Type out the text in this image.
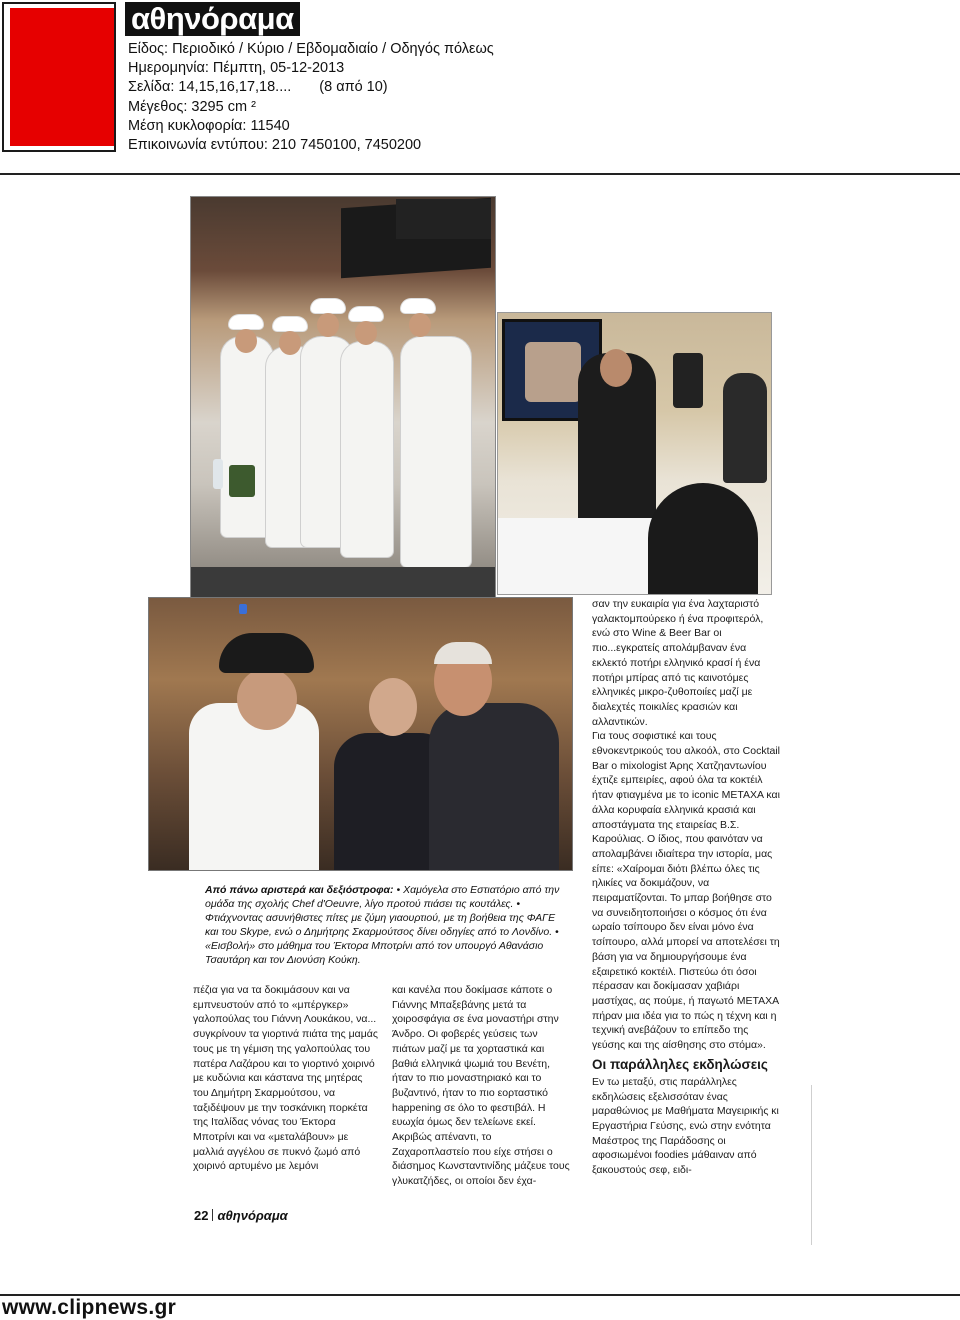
αθηνόραμα
Είδος: Περιοδικό / Κύριο / Εβδομαδιαίο / Οδηγός πόλεως
Ημερομηνία: Πέμπτη, 05-12-2013
Σελίδα: 14,15,16,17,18.... (8 από 10)
Μέγεθος: 3295 cm ²
Μέση κυκλοφορία: 11540
Επικοινωνία εντύπου: 210 7450100, 7450200
Από πάνω αριστερά και δεξιόστροφα: • Χαμόγελα στο Εστιατόριο από την ομάδα της σχολής Chef d'Oeuvre, λίγο προτού πιάσει τις κουτάλες. • Φτιάχνοντας ασυνήθιστες πίτες με ζύμη γιαουρτιού, με τη βοήθεια της ΦΑΓΕ και του Skype, ενώ ο Δημήτρης Σκαρμούτσος δίνει οδηγίες από το Λονδίνο. • «Εισβολή» στο μάθημα του Έκτορα Μποτρίνι από τον υπουργό Αθανάσιο Τσαυτάρη και τον Διονύση Κούκη.

πέζια για να τα δοκιμάσουν και να εμπνευστούν από το «μπέργκερ» γαλοπούλας του Γιάννη Λουκάκου, να... συγκρίνουν τα γιορτινά πιάτα της μαμάς τους με τη γέμιση της γαλοπούλας του πατέρα Λαζάρου και το γιορτινό χοιρινό με κυδώνια και κάστανα της μητέρας του Δημήτρη Σκαρμούτσου, να ταξιδέψουν με την τοσκάνικη πορκέτα της Ιταλίδας νόνας του Έκτορα Μποτρίνι και να «μεταλάβουν» με μαλλιά αγγέλου σε πυκνό ζωμό από χοιρινό αρτυμένο με λεμόνι

και κανέλα που δοκίμασε κάποτε ο Γιάννης Μπαξεβάνης μετά τα χοιροσφάγια σε ένα μοναστήρι στην Άνδρο. Οι φοβερές γεύσεις των πιάτων μαζί με τα χορταστικά και βαθιά ελληνικά ψωμιά του Βενέτη, ήταν το πιο μοναστηριακό και το βυζαντινό, ήταν το πιο εορταστικό happening σε όλο το φεστιβάλ. Η ευωχία όμως δεν τελείωνε εκεί. Ακριβώς απέναντι, το Ζαχαροπλαστείο που είχε στήσει ο διάσημος Κωνσταντινίδης μάζευε τους γλυκατζήδες, οι οποίοι δεν έχα-

σαν την ευκαιρία για ένα λαχταριστό γαλακτομπούρεκο ή ένα προφιτερόλ, ενώ στο Wine & Beer Bar οι πιο...εγκρατείς απολάμβαναν ένα εκλεκτό ποτήρι ελληνικό κρασί ή ένα ποτήρι μπίρας από τις καινοτόμες ελληνικές μικρο-ζυθοποιίες μαζί με διαλεχτές ποικιλίες κρασιών και αλλαντικών.

Για τους σοφιστικέ και τους εθνοκεντρικούς του αλκοόλ, στο Cocktail Bar ο mixologist Άρης Χατζηαντωνίου έχτιζε εμπειρίες, αφού όλα τα κοκτέιλ ήταν φτιαγμένα με το iconic ΜΕΤΑΧΑ και άλλα κορυφαία ελληνικά κρασιά και αποστάγματα της εταιρείας Β.Σ. Καρούλιας. Ο ίδιος, που φαινόταν να απολαμβάνει ιδιαίτερα την ιστορία, μας είπε: «Χαίρομαι διότι βλέπω όλες τις ηλικίες να δοκιμάζουν, να πειραματίζονται. Το μπαρ βοήθησε στο να συνειδητοποιήσει ο κόσμος ότι ένα ωραίο τσίπουρο δεν είναι μόνο ένα τσίπουρο, αλλά μπορεί να αποτελέσει τη βάση για να δημιουργήσουμε ένα εξαιρετικό κοκτέιλ. Πιστεύω ότι όσοι πέρασαν και δοκίμασαν χαβιάρι μαστίχας, ας πούμε, ή παγωτό ΜΕΤΑΧΑ πήραν μια ιδέα για το πώς η τέχνη και η τεχνική ανεβάζουν το επίπεδο της γεύσης και της αίσθησης στο στόμα».

Οι παράλληλες εκδηλώσεις

Εν τω μεταξύ, στις παράλληλες εκδηλώσεις εξελισσόταν ένας μαραθώνιος με Μαθήματα Μαγειρικής κι Εργαστήρια Γεύσης, ενώ στην ενότητα Μαέστρος της Παράδοσης οι αφοσιωμένοι foodies μάθαιναν από ξακουστούς σεφ, ειδι-

22 αθηνόραμα
www.clipnews.gr
